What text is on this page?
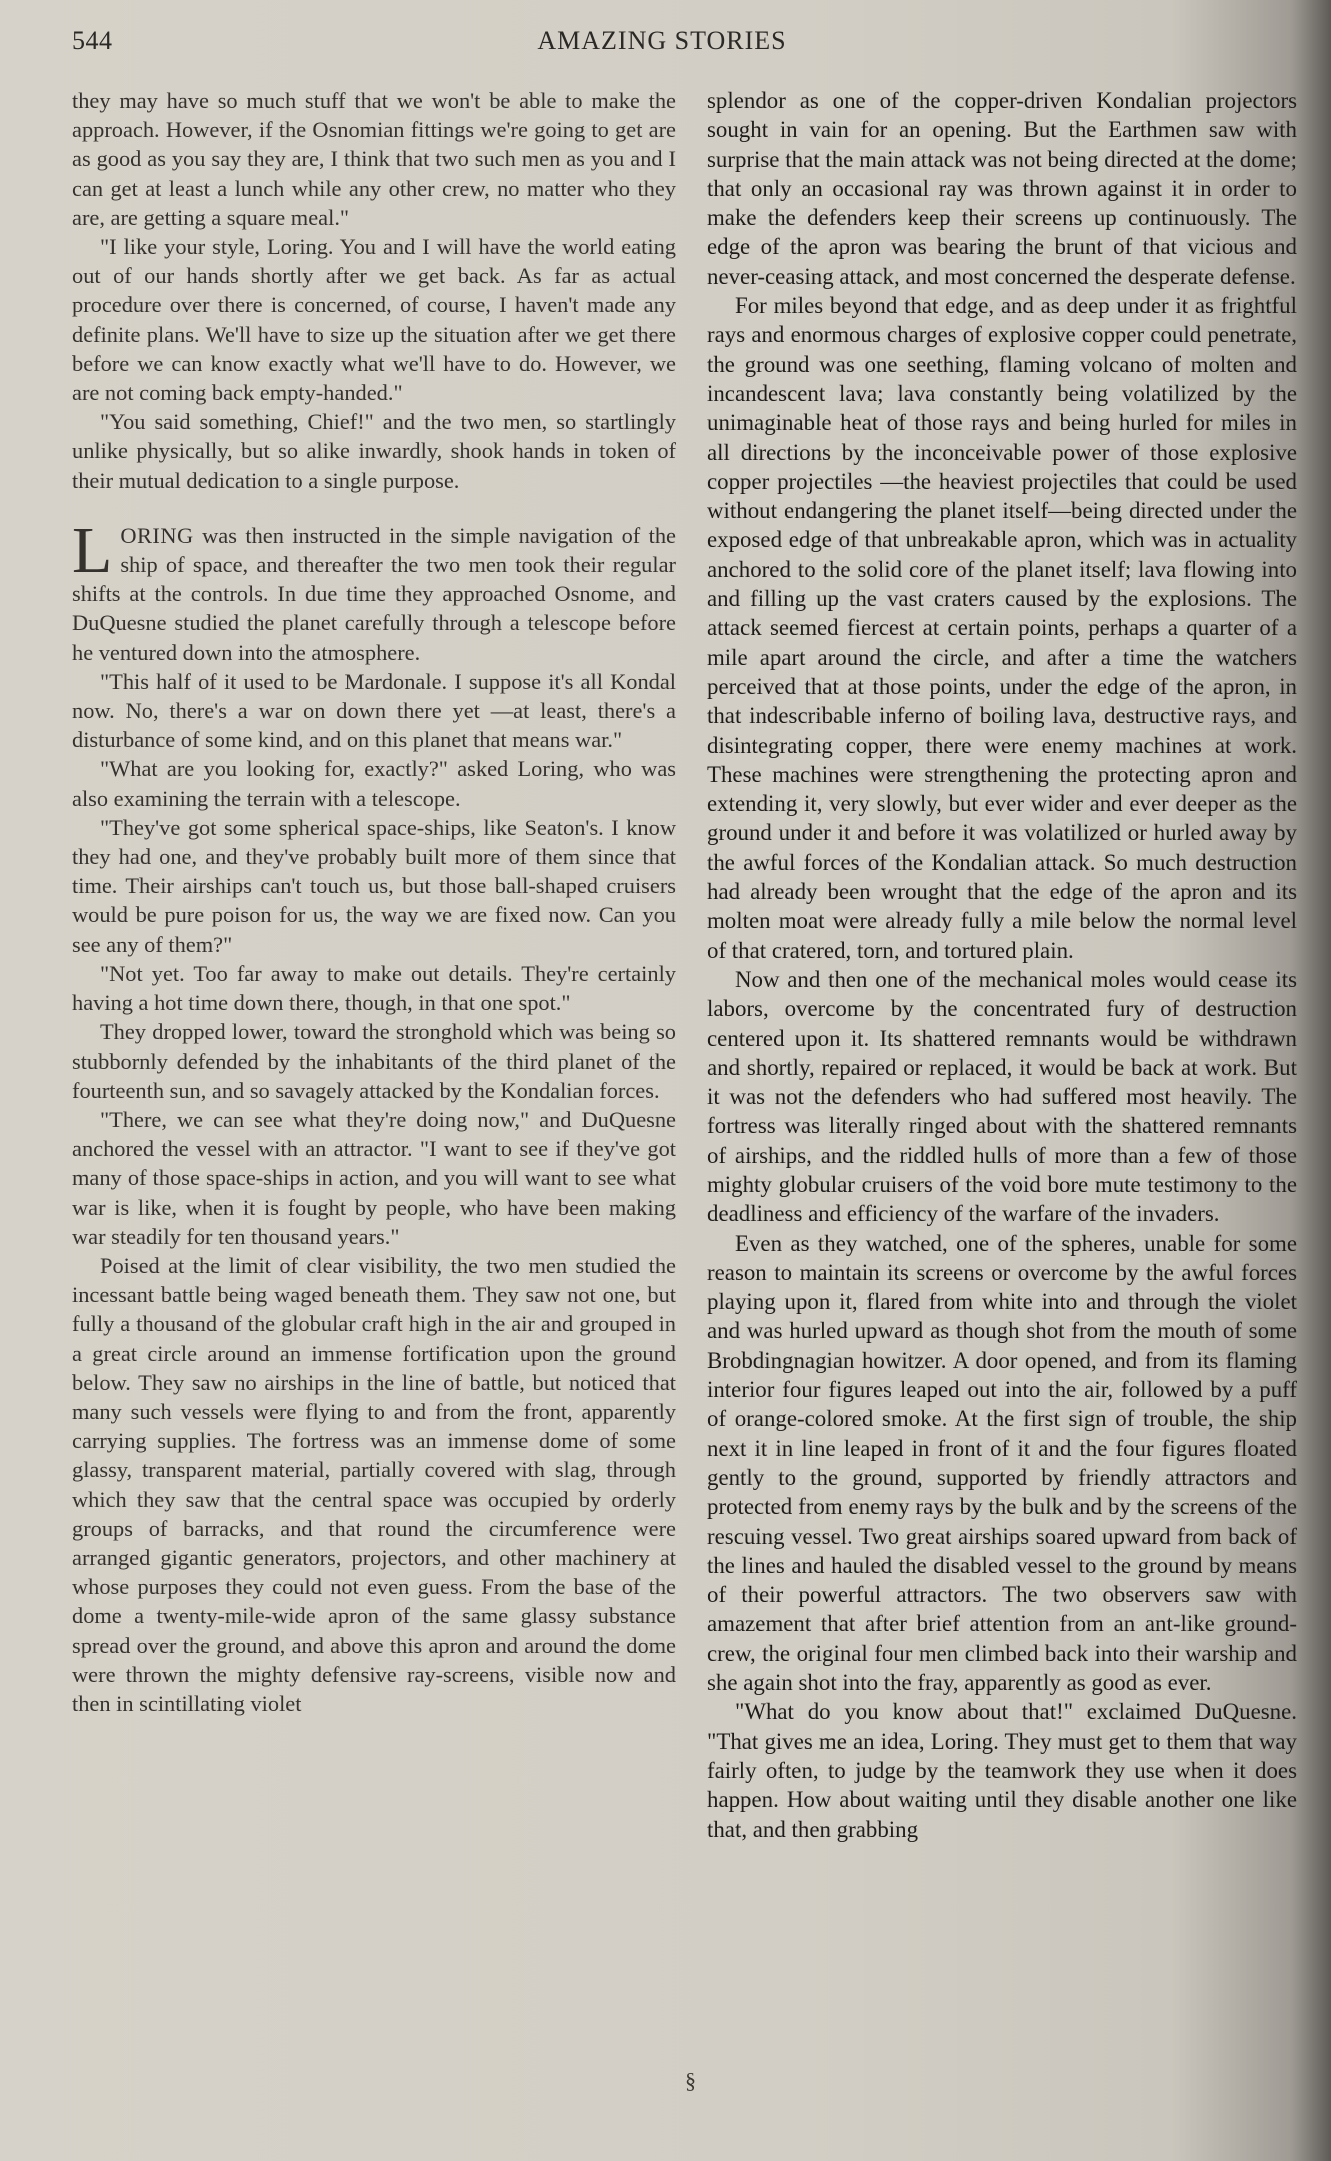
544	AMAZING STORIES

they may have so much stuff that we won't be able to make the approach. However, if the Osnomian fittings we're going to get are as good as you say they are, I think that two such men as you and I can get at least a lunch while any other crew, no matter who they are, are getting a square meal."

"I like your style, Loring. You and I will have the world eating out of our hands shortly after we get back. As far as actual procedure over there is concerned, of course, I haven't made any definite plans. We'll have to size up the situation after we get there before we can know exactly what we'll have to do. However, we are not coming back empty-handed."

"You said something, Chief!" and the two men, so startlingly unlike physically, but so alike inwardly, shook hands in token of their mutual dedication to a single purpose.

LORING was then instructed in the simple navigation of the ship of space, and thereafter the two men took their regular shifts at the controls. In due time they approached Osnome, and DuQuesne studied the planet carefully through a telescope before he ventured down into the atmosphere.

"This half of it used to be Mardonale. I suppose it's all Kondal now. No, there's a war on down there yet —at least, there's a disturbance of some kind, and on this planet that means war."

"What are you looking for, exactly?" asked Loring, who was also examining the terrain with a telescope.

"They've got some spherical space-ships, like Seaton's. I know they had one, and they've probably built more of them since that time. Their airships can't touch us, but those ball-shaped cruisers would be pure poison for us, the way we are fixed now. Can you see any of them?"

"Not yet. Too far away to make out details. They're certainly having a hot time down there, though, in that one spot."

They dropped lower, toward the stronghold which was being so stubbornly defended by the inhabitants of the third planet of the fourteenth sun, and so savagely attacked by the Kondalian forces.

"There, we can see what they're doing now," and DuQuesne anchored the vessel with an attractor. "I want to see if they've got many of those space-ships in action, and you will want to see what war is like, when it is fought by people, who have been making war steadily for ten thousand years."

Poised at the limit of clear visibility, the two men studied the incessant battle being waged beneath them. They saw not one, but fully a thousand of the globular craft high in the air and grouped in a great circle around an immense fortification upon the ground below. They saw no airships in the line of battle, but noticed that many such vessels were flying to and from the front, apparently carrying supplies. The fortress was an immense dome of some glassy, transparent material, partially covered with slag, through which they saw that the central space was occupied by orderly groups of barracks, and that round the circumference were arranged gigantic generators, projectors, and other machinery at whose purposes they could not even guess. From the base of the dome a twenty-mile-wide apron of the same glassy substance spread over the ground, and above this apron and around the dome were thrown the mighty defensive ray-screens, visible now and then in scintillating violet

splendor as one of the copper-driven Kondalian projectors sought in vain for an opening. But the Earthmen saw with surprise that the main attack was not being directed at the dome; that only an occasional ray was thrown against it in order to make the defenders keep their screens up continuously. The edge of the apron was bearing the brunt of that vicious and never-ceasing attack, and most concerned the desperate defense.

For miles beyond that edge, and as deep under it as frightful rays and enormous charges of explosive copper could penetrate, the ground was one seething, flaming volcano of molten and incandescent lava; lava constantly being volatilized by the unimaginable heat of those rays and being hurled for miles in all directions by the inconceivable power of those explosive copper projectiles —the heaviest projectiles that could be used without endangering the planet itself—being directed under the exposed edge of that unbreakable apron, which was in actuality anchored to the solid core of the planet itself; lava flowing into and filling up the vast craters caused by the explosions. The attack seemed fiercest at certain points, perhaps a quarter of a mile apart around the circle, and after a time the watchers perceived that at those points, under the edge of the apron, in that indescribable inferno of boiling lava, destructive rays, and disintegrating copper, there were enemy machines at work. These machines were strengthening the protecting apron and extending it, very slowly, but ever wider and ever deeper as the ground under it and before it was volatilized or hurled away by the awful forces of the Kondalian attack. So much destruction had already been wrought that the edge of the apron and its molten moat were already fully a mile below the normal level of that cratered, torn, and tortured plain.

Now and then one of the mechanical moles would cease its labors, overcome by the concentrated fury of destruction centered upon it. Its shattered remnants would be withdrawn and shortly, repaired or replaced, it would be back at work. But it was not the defenders who had suffered most heavily. The fortress was literally ringed about with the shattered remnants of airships, and the riddled hulls of more than a few of those mighty globular cruisers of the void bore mute testimony to the deadliness and efficiency of the warfare of the invaders.

Even as they watched, one of the spheres, unable for some reason to maintain its screens or overcome by the awful forces playing upon it, flared from white into and through the violet and was hurled upward as though shot from the mouth of some Brobdingnagian howitzer. A door opened, and from its flaming interior four figures leaped out into the air, followed by a puff of orange-colored smoke. At the first sign of trouble, the ship next it in line leaped in front of it and the four figures floated gently to the ground, supported by friendly attractors and protected from enemy rays by the bulk and by the screens of the rescuing vessel. Two great airships soared upward from back of the lines and hauled the disabled vessel to the ground by means of their powerful attractors. The two observers saw with amazement that after brief attention from an ant-like ground-crew, the original four men climbed back into their warship and she again shot into the fray, apparently as good as ever.

"What do you know about that!" exclaimed DuQuesne. "That gives me an idea, Loring. They must get to them that way fairly often, to judge by the teamwork they use when it does happen. How about waiting until they disable another one like that, and then grabbing

§
